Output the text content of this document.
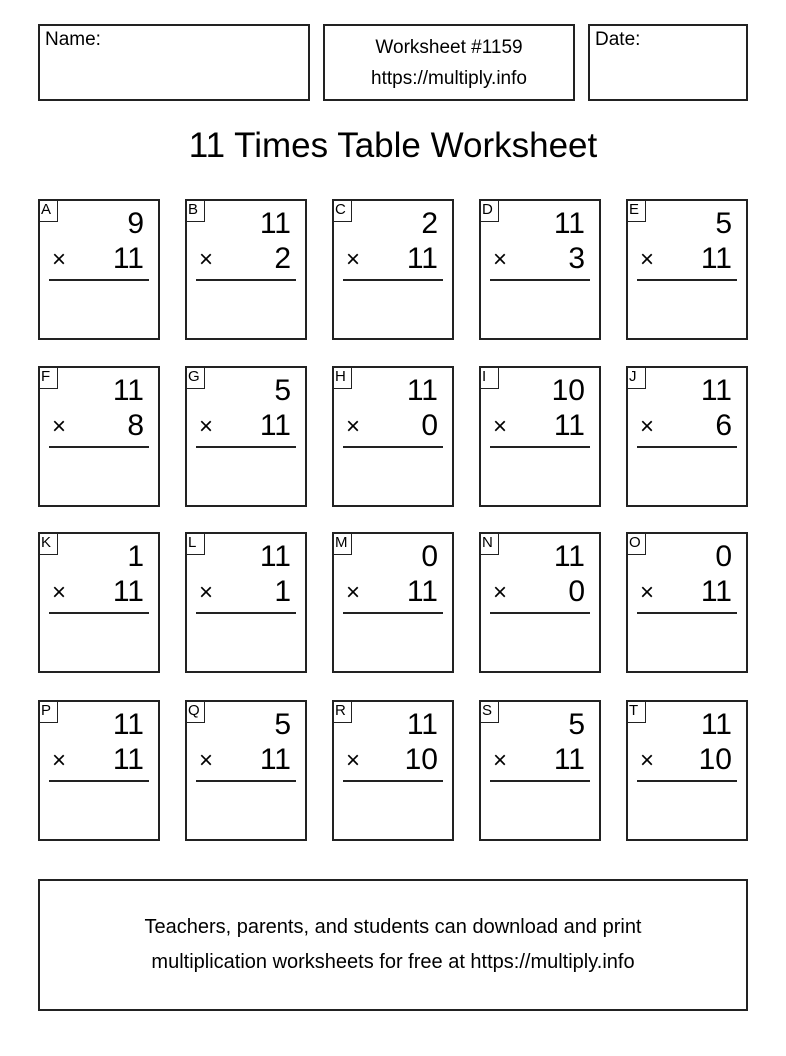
Name:	Worksheet #1159
https://multiply.info
Date:
11 Times Table Worksheet
A	9
× 11
B 11
× 2
C	2
× 11
D 11
× 3
E	5
× 11
F 11
× 8
G 5
× 11
H 11
× 0
I	10
× 11
J	11
× 6
K	1
× 11
L 11
× 1
M 0
× 11
N 11
× 0
O 0
× 11
P 11
× 11
Q 5
× 11
R 11
× 10
S	5
× 11
T 11
× 10
Teachers, parents, and students can download and print
multiplication worksheets for free at https://multiply.info
